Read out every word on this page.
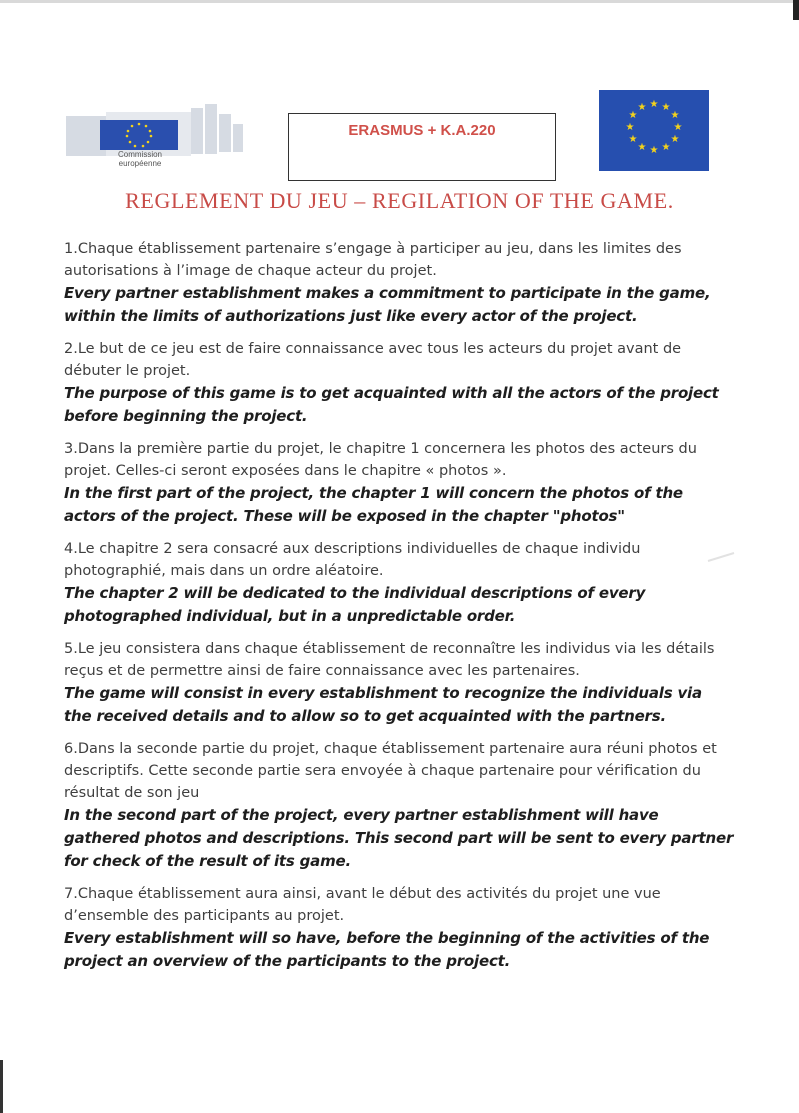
Commission européenne
ERASMUS + K.A.220
★ ★
★
★
★
★
★
★
★
★
★
★
REGLEMENT DU JEU – REGILATION OF THE GAME.
1.Chaque établissement partenaire s’engage à participer au jeu, dans les limites des autorisations à l’image de chaque acteur du projet.
Every partner establishment makes a commitment to participate in the game, within the limits of authorizations just like every actor of the project.
2.Le but de ce jeu est de faire connaissance avec tous les acteurs du projet avant de débuter le projet.
The purpose of this game is to get acquainted with all the actors of the project before beginning the project.
3.Dans la première partie du projet, le chapitre 1 concernera les photos des acteurs du projet. Celles-ci seront exposées dans le chapitre « photos ».
In the first part of the project, the chapter 1 will concern the photos of the actors of the project. These will be exposed in the chapter "photos"
4.Le chapitre 2 sera consacré aux descriptions individuelles de chaque individu photographié, mais dans un ordre aléatoire.
The chapter 2 will be dedicated to the individual descriptions of every photographed individual, but in a unpredictable order.
5.Le jeu consistera dans chaque établissement de reconnaître les individus via les détails reçus et de permettre ainsi de faire connaissance avec les partenaires.
The game will consist in every establishment to recognize the individuals via the received details and to allow so to get acquainted with the partners.
6.Dans la seconde partie du projet, chaque établissement partenaire aura réuni photos et descriptifs. Cette seconde partie sera envoyée à chaque partenaire pour vérification du résultat de son jeu
In the second part of the project, every partner establishment will have gathered photos and descriptions. This second part will be sent to every partner for check of the result of its game.
7.Chaque établissement aura ainsi, avant le début des activités du projet une vue d’ensemble des participants au projet.
Every establishment will so have, before the beginning of the activities of the project an overview of the participants to the project.
